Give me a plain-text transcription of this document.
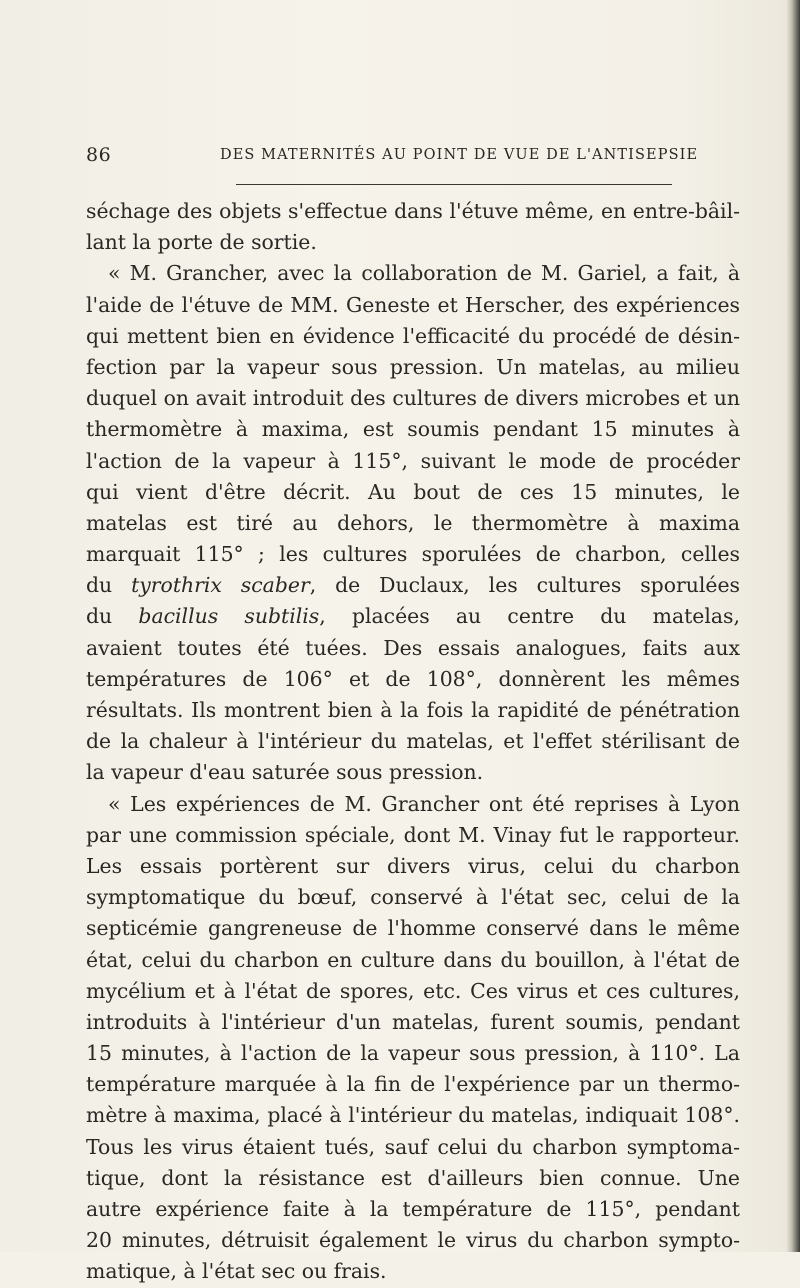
86	DES MATERNITÉS AU POINT DE VUE DE L'ANTISEPSIE
séchage des objets s'effectue dans l'étuve même, en entre-bâil-
lant la porte de sortie.
« M. Grancher, avec la collaboration de M. Gariel, a fait, à
l'aide de l'étuve de MM. Geneste et Herscher, des expériences
qui mettent bien en évidence l'efficacité du procédé de désin-
fection par la vapeur sous pression. Un matelas, au milieu
duquel on avait introduit des cultures de divers microbes et un
thermomètre à maxima, est soumis pendant 15 minutes à
l'action de la vapeur à 115°, suivant le mode de procéder
qui vient d'être décrit. Au bout de ces 15 minutes, le
matelas est tiré au dehors, le thermomètre à maxima
marquait 115° ; les cultures sporulées de charbon, celles
du tyrothrix scaber, de Duclaux, les cultures sporulées
du bacillus subtilis, placées au centre du matelas,
avaient toutes été tuées. Des essais analogues, faits aux
températures de 106° et de 108°, donnèrent les mêmes
résultats. Ils montrent bien à la fois la rapidité de pénétration
de la chaleur à l'intérieur du matelas, et l'effet stérilisant de
la vapeur d'eau saturée sous pression.
« Les expériences de M. Grancher ont été reprises à Lyon
par une commission spéciale, dont M. Vinay fut le rapporteur.
Les essais portèrent sur divers virus, celui du charbon
symptomatique du bœuf, conservé à l'état sec, celui de la
septicémie gangreneuse de l'homme conservé dans le même
état, celui du charbon en culture dans du bouillon, à l'état de
mycélium et à l'état de spores, etc. Ces virus et ces cultures,
introduits à l'intérieur d'un matelas, furent soumis, pendant
15 minutes, à l'action de la vapeur sous pression, à 110°. La
température marquée à la fin de l'expérience par un thermo-
mètre à maxima, placé à l'intérieur du matelas, indiquait 108°.
Tous les virus étaient tués, sauf celui du charbon symptoma-
tique, dont la résistance est d'ailleurs bien connue. Une
autre expérience faite à la température de 115°, pendant
20 minutes, détruisit également le virus du charbon sympto-
matique, à l'état sec ou frais.
